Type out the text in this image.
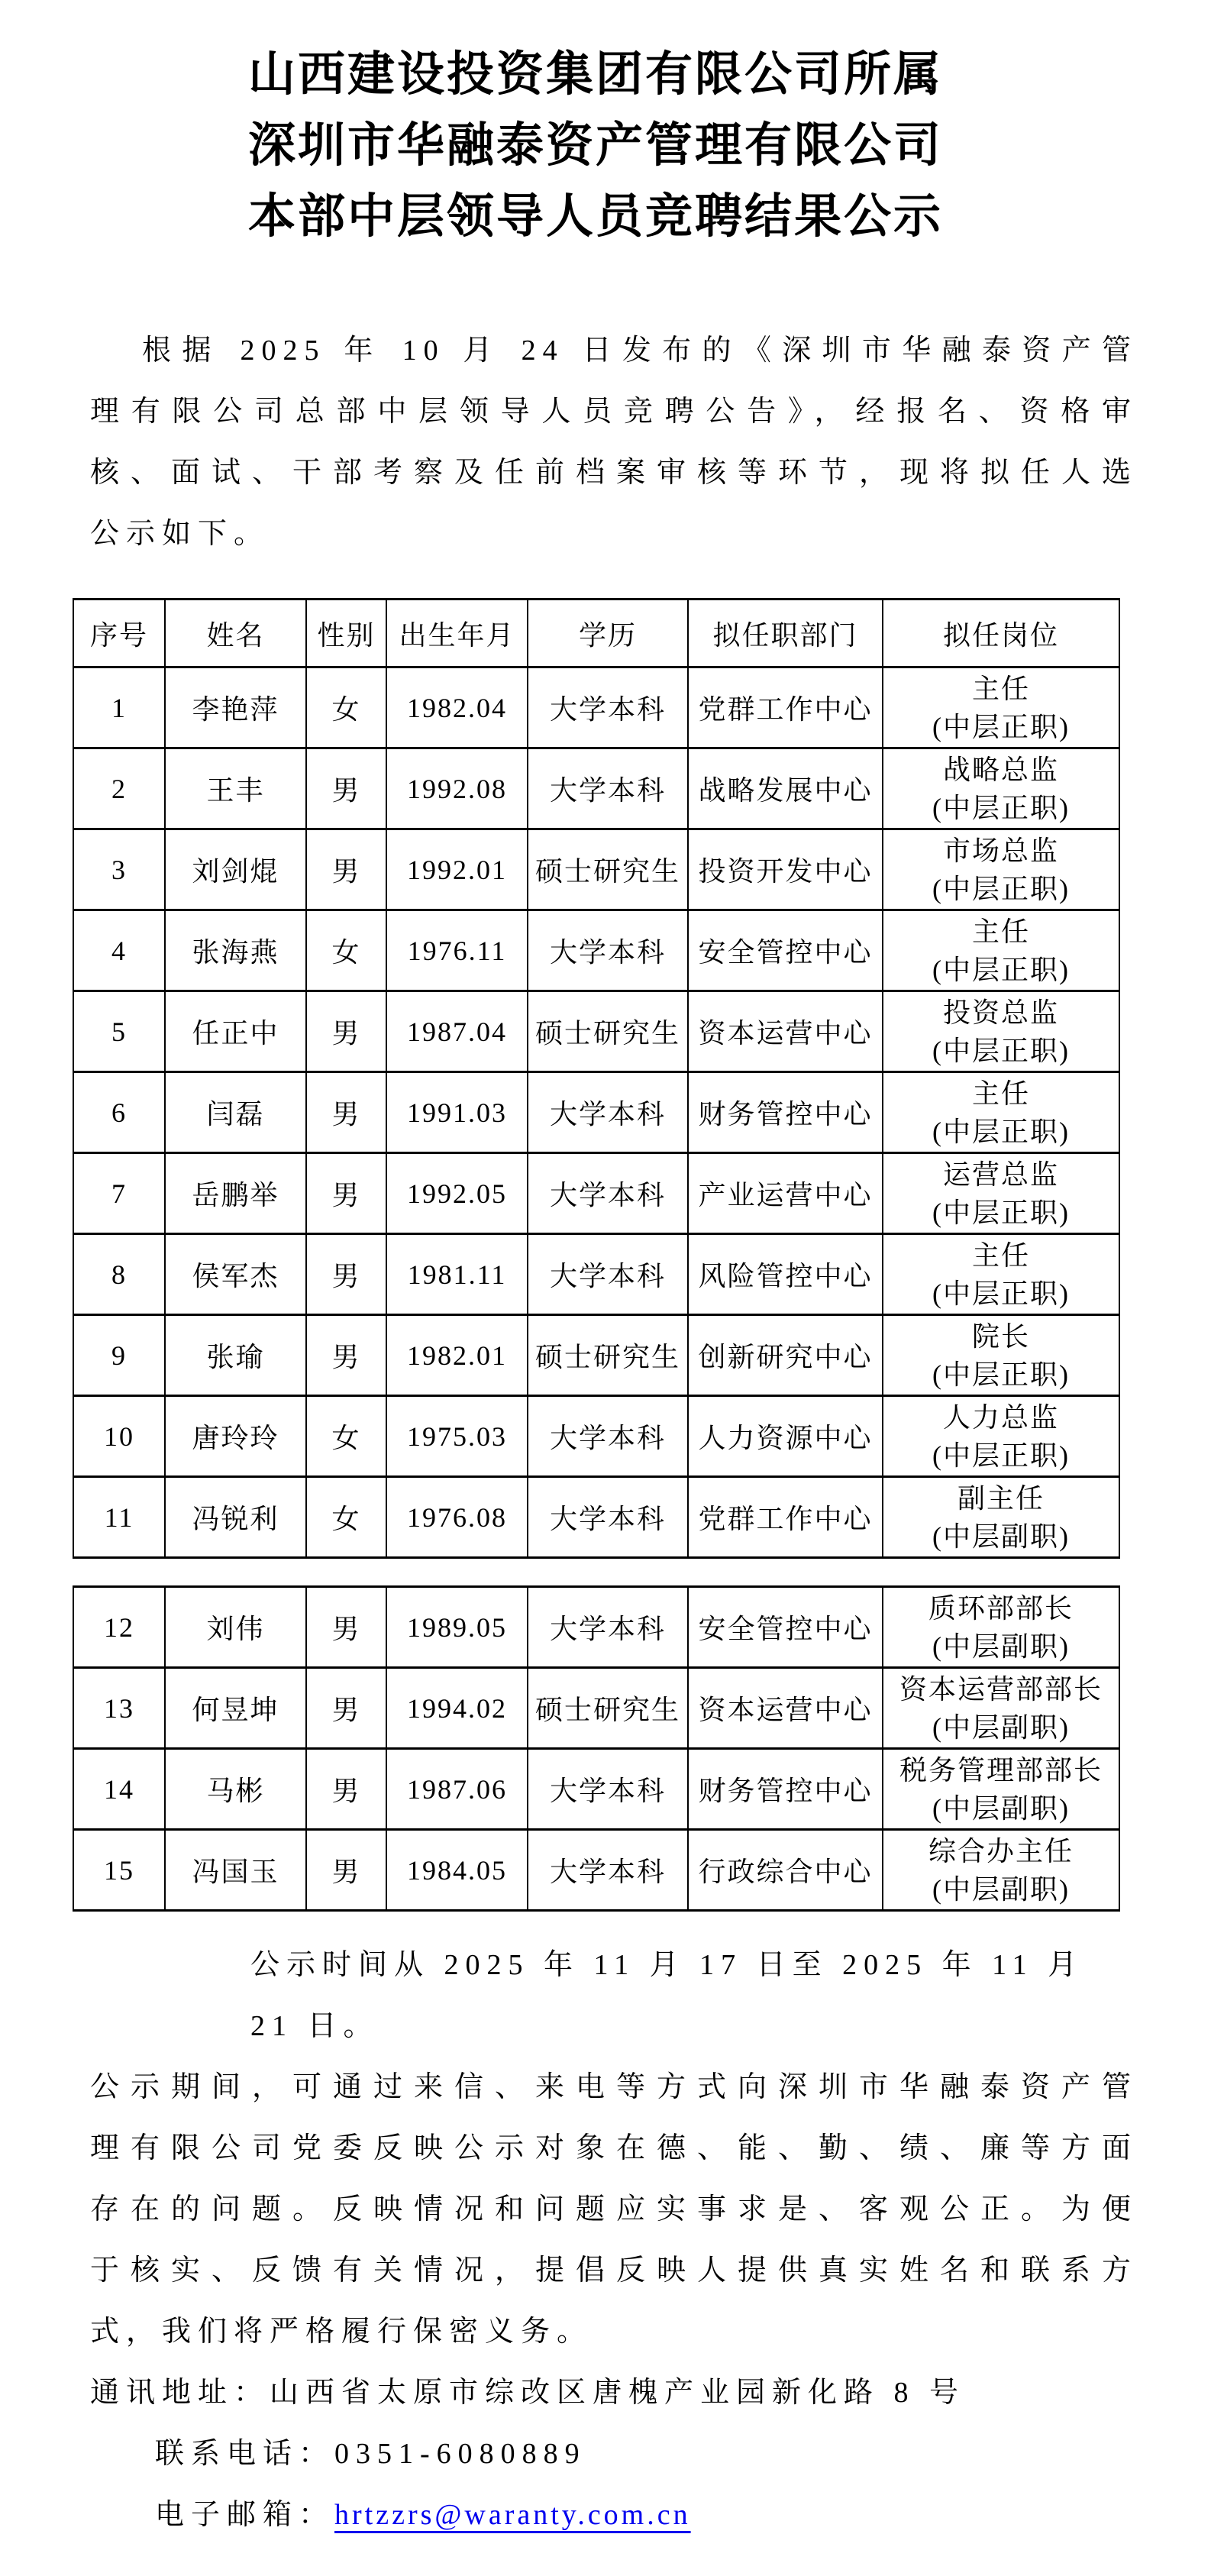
山西建设投资集团有限公司所属
深圳市华融泰资产管理有限公司
本部中层领导人员竞聘结果公示
根据 2025 年 10 月 24 日发布的《深圳市华融泰资产管
理有限公司总部中层领导人员竞聘公告》，经报名、资格审
核、面试、干部考察及任前档案审核等环节，现将拟任人选
公示如下。
序号	姓名	性别	出生年月	学历	拟任职部门	拟任岗位
1	李艳萍	女	1982.04	大学本科	党群工作中心	主任
(中层正职)

2	王丰	男	1992.08	大学本科	战略发展中心	战略总监
(中层正职)

3	刘剑焜	男	1992.01	硕士研究生	投资开发中心	市场总监
(中层正职)

4	张海燕	女	1976.11	大学本科	安全管控中心	主任
(中层正职)

5	任正中	男	1987.04	硕士研究生	资本运营中心	投资总监
(中层正职)

6	闫磊	男	1991.03	大学本科	财务管控中心	主任
(中层正职)

7	岳鹏举	男	1992.05	大学本科	产业运营中心	运营总监
(中层正职)

8	侯军杰	男	1981.11	大学本科	风险管控中心	主任
(中层正职)

9	张瑜	男	1982.01	硕士研究生	创新研究中心	院长
(中层正职)

10	唐玲玲	女	1975.03	大学本科	人力资源中心	人力总监
(中层正职)

11	冯锐利	女	1976.08	大学本科	党群工作中心	副主任
(中层副职)
12	刘伟	男	1989.05	大学本科	安全管控中心	质环部部长
(中层副职)

13	何昱坤	男	1994.02	硕士研究生	资本运营中心	资本运营部部长
(中层副职)

14	马彬	男	1987.06	大学本科	财务管控中心	税务管理部部长
(中层副职)

15	冯国玉	男	1984.05	大学本科	行政综合中心	综合办主任
(中层副职)
公示时间从 2025 年 11 月 17 日至 2025 年 11 月 21 日。
公示期间，可通过来信、来电等方式向深圳市华融泰资产管
理有限公司党委反映公示对象在德、能、勤、绩、廉等方面
存在的问题。反映情况和问题应实事求是、客观公正。为便
于核实、反馈有关情况，提倡反映人提供真实姓名和联系方
式，我们将严格履行保密义务。
通讯地址：山西省太原市综改区唐槐产业园新化路 8 号
联系电话：0351-6080889
电子邮箱：hrtzzrs@waranty.com.cn
